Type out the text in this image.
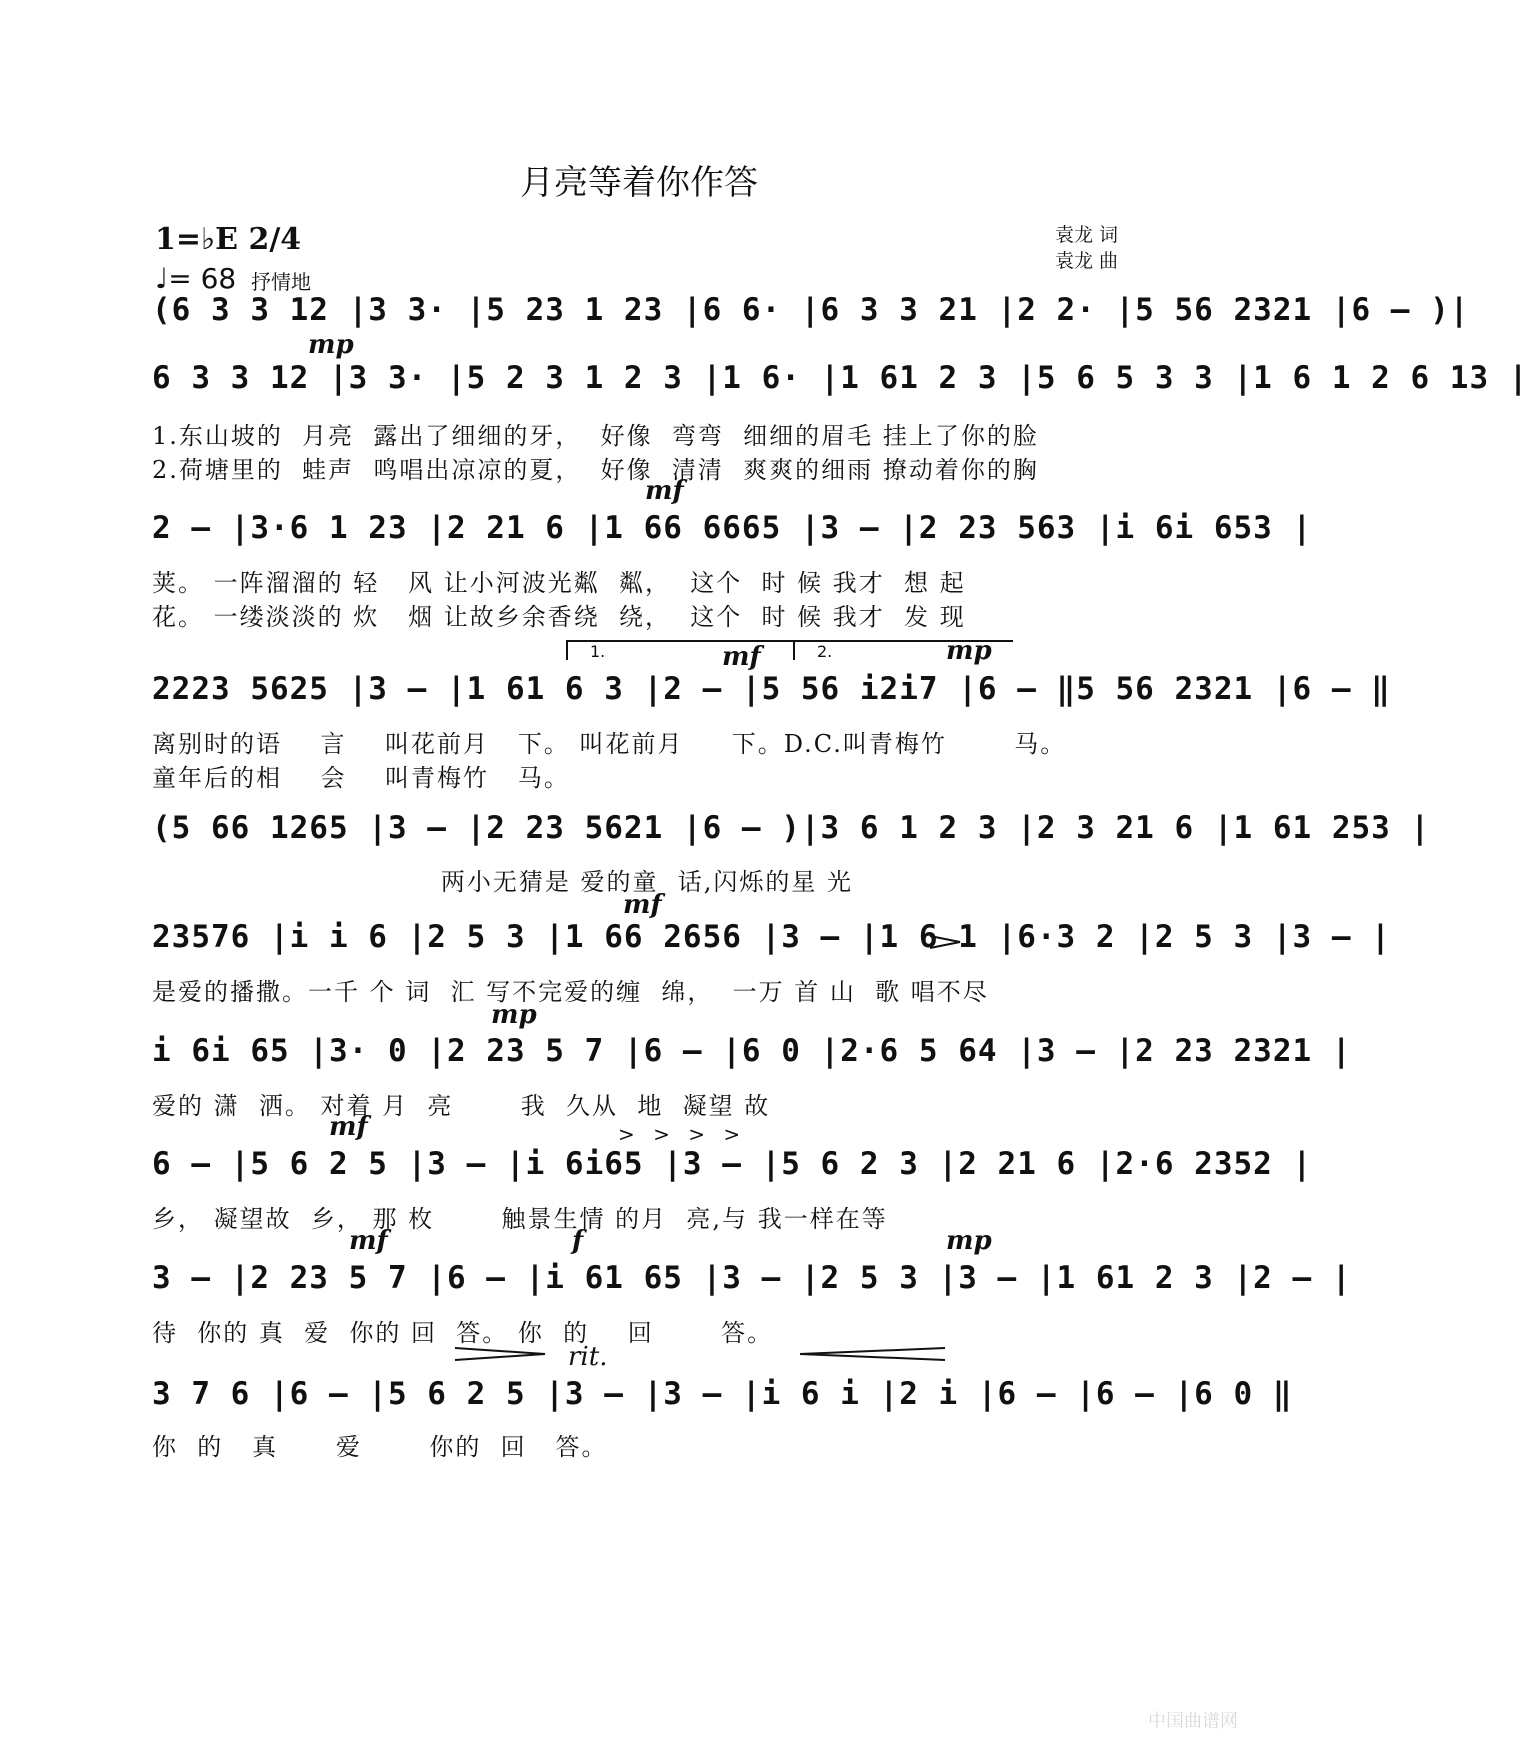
月亮等着你作答
1=♭E 2/4
♩= 68 抒情地
袁龙 词
袁龙 曲
(6 3 3 12 |3 3· |5 23 1 23 |6 6· |6 3 3 21 |2 2· |5 56 2321 |6 – )|
mp
6 3 3 12 |3 3· |5 2 3 1 2 3 |1 6· |1 61 2 3 |5 6 5 3 3 |1 6 1 2 6 13 |
1.东山坡的  月亮  露出了细细的牙，  好像  弯弯  细细的眉毛 挂上了你的脸
2.荷塘里的  蛙声  鸣唱出凉凉的夏，  好像  清清  爽爽的细雨 撩动着你的胸
mf
2 – |3·6 1 23 |2 21 6 |1 66 6665 |3 – |2 23 563 |i 6i 653 |
荚。 一阵溜溜的 轻   风 让小河波光粼  粼，  这个  时 候 我才  想 起
花。 一缕淡淡的 炊   烟 让故乡余香绕  绕，  这个  时 候 我才  发 现
1.	2.
mf	mp
2223 5625 |3 – |1 61 6 3 |2 – |5 56 i2i7 |6 – ‖5 56 2321 |6 – ‖
离别时的语    言    叫花前月   下。 叫花前月     下。D.C.叫青梅竹       马。
童年后的相    会    叫青梅竹   马。
(5 66 1265 |3 – |2 23 5621 |6 – )|3 6 1 2 3 |2 3 21 6 |1 61 253 |
两小无猜是 爱的童  话,闪烁的星 光
mf
23576 |i i 6 |2 5 3 |1 66 2656 |3 – |1 6 1 |6·3 2 |2 5 3 |3 – |
是爱的播撒。一千 个 词  汇 写不完爱的缠  绵，  一万 首 山  歌 唱不尽
mp
i 6i 65 |3· 0 |2 23 5 7 |6 – |6 0 |2·6 5 64 |3 – |2 23 2321 |
爱的 潇  洒。 对着 月  亮       我  久从  地  凝望 故
mf	> > > >
6 – |5 6 2 5 |3 – |i 6i65 |3 – |5 6 2 3 |2 21 6 |2·6 2352 |
乡， 凝望故  乡， 那 枚       触景生情 的月  亮,与 我一样在等
mf	f	mp
3 – |2 23 5 7 |6 – |i 61 65 |3 – |2 5 3 |3 – |1 61 2 3 |2 – |
待  你的 真  爱  你的 回  答。 你  的    回       答。
rit.
3 7 6 |6 – |5 6 2 5 |3 – |3 – |i 6 i |2 i |6 – |6 – |6 0 ‖
你  的   真      爱       你的  回   答。
中国曲谱网
